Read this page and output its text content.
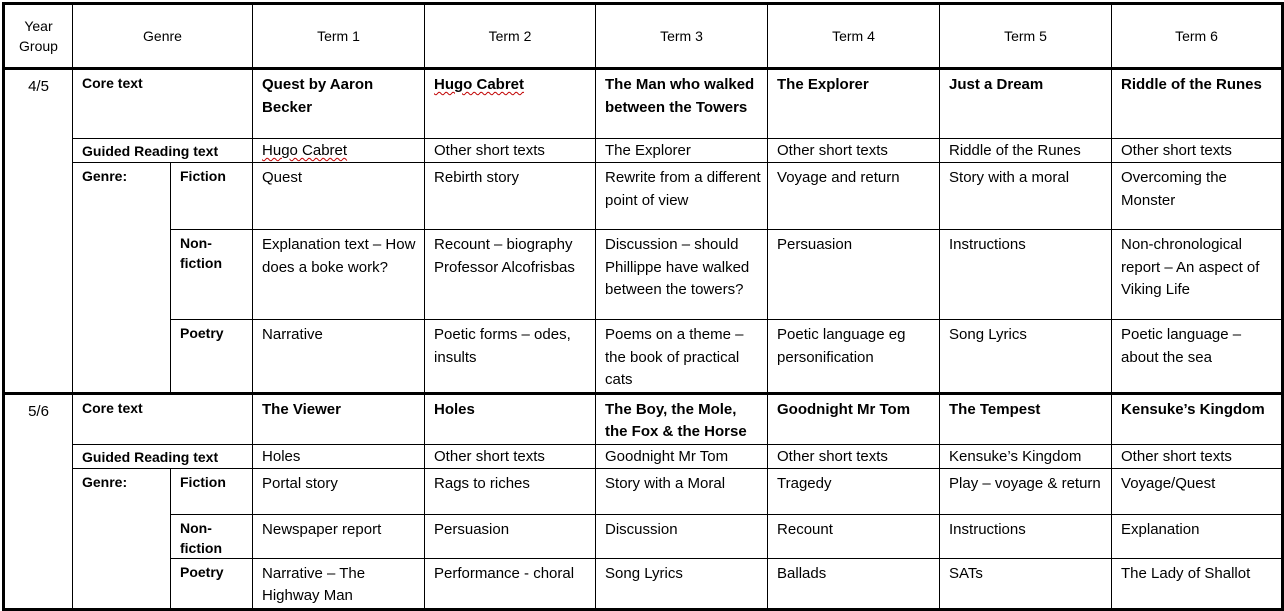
Year Group	Genre		Term 1	Term 2	Term 3	Term 4	Term 5	Term 6
4/5	Core text		Quest by Aaron Becker	Hugo Cabret	The Man who walked between the Towers	The Explorer	Just a Dream	Riddle of the Runes
	Guided Reading text		Hugo Cabret	Other short texts	The Explorer	Other short texts	Riddle of the Runes	Other short texts
	Genre:	Fiction	Quest	Rebirth story	Rewrite from a different point of view	Voyage and return	Story with a moral	Overcoming the Monster
		Non-fiction	Explanation text – How does a boke work?	Recount – biography Professor Alcofrisbas	Discussion – should Phillippe have walked between the towers?	Persuasion	Instructions	Non-chronological report – An aspect of Viking Life
		Poetry	Narrative	Poetic forms – odes, insults	Poems on a theme – the book of practical cats	Poetic language eg personification	Song Lyrics	Poetic language – about the sea
5/6	Core text		The Viewer	Holes	The Boy, the Mole, the Fox & the Horse	Goodnight Mr Tom	The Tempest	Kensuke’s Kingdom
	Guided Reading text		Holes	Other short texts	Goodnight Mr Tom	Other short texts	Kensuke’s Kingdom	Other short texts
	Genre:	Fiction	Portal story	Rags to riches	Story with a Moral	Tragedy	Play – voyage & return	Voyage/Quest
		Non-fiction	Newspaper report	Persuasion	Discussion	Recount	Instructions	Explanation
		Poetry	Narrative – The Highway Man	Performance - choral	Song Lyrics	Ballads	SATs	The Lady of Shallot
